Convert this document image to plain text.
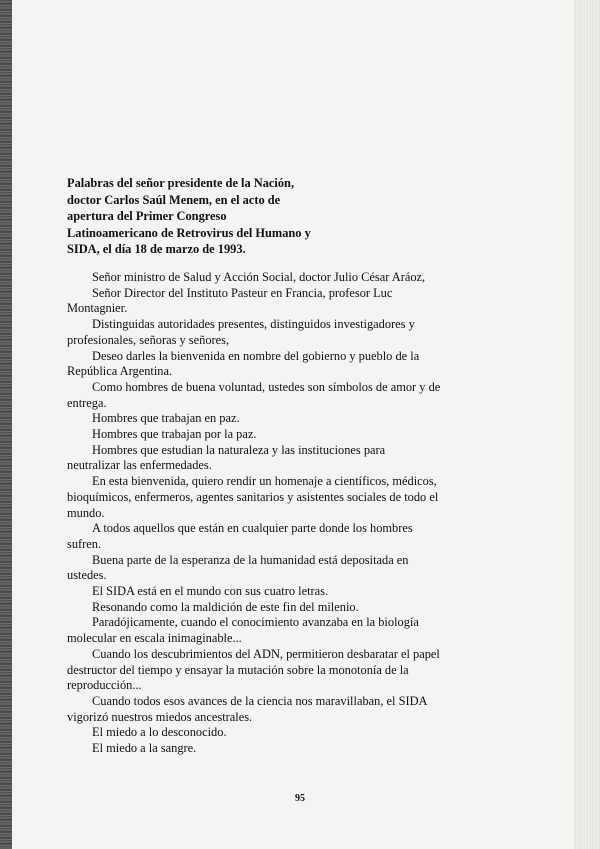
Palabras del señor presidente de la Nación,
doctor Carlos Saúl Menem, en el acto de
apertura del Primer Congreso
Latinoamericano de Retrovirus del Humano y
SIDA, el día 18 de marzo de 1993.
Señor ministro de Salud y Acción Social, doctor Julio César Aráoz,
Señor Director del Instituto Pasteur en Francia, profesor Luc
Montagnier.
Distinguidas autoridades presentes, distinguidos investigadores y
profesionales, señoras y señores,
Deseo darles la bienvenida en nombre del gobierno y pueblo de la
República Argentina.
Como hombres de buena voluntad, ustedes son símbolos de amor y de
entrega.
Hombres que trabajan en paz.
Hombres que trabajan por la paz.
Hombres que estudian la naturaleza y las instituciones para
neutralizar las enfermedades.
En esta bienvenida, quiero rendir un homenaje a científicos, médicos,
bioquímicos, enfermeros, agentes sanitarios y asistentes sociales de todo el
mundo.
A todos aquellos que están en cualquier parte donde los hombres
sufren.
Buena parte de la esperanza de la humanidad está depositada en
ustedes.
El SIDA está en el mundo con sus cuatro letras.
Resonando como la maldición de este fin del milenio.
Paradójicamente, cuando el conocimiento avanzaba en la biología
molecular en escala inimaginable...
Cuando los descubrimientos del ADN, permitieron desbaratar el papel
destructor del tiempo y ensayar la mutación sobre la monotonía de la
reproducción...
Cuando todos esos avances de la ciencia nos maravillaban, el SIDA
vigorizó nuestros miedos ancestrales.
El miedo a lo desconocido.
El miedo a la sangre.
95
